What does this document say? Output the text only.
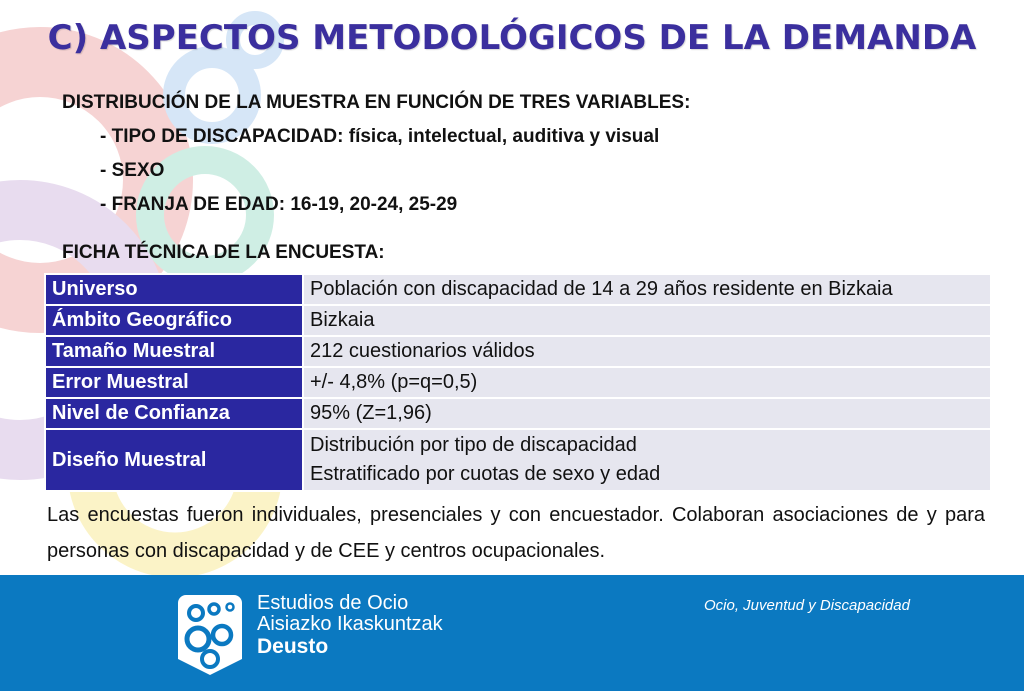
C) ASPECTOS METODOLÓGICOS DE LA DEMANDA
DISTRIBUCIÓN DE LA MUESTRA EN FUNCIÓN DE TRES VARIABLES:
- TIPO DE DISCAPACIDAD: física, intelectual, auditiva y visual
- SEXO
- FRANJA DE EDAD: 16-19, 20-24, 25-29
FICHA TÉCNICA DE LA ENCUESTA:
Universo	Población con discapacidad de 14 a 29 años residente en Bizkaia
Ámbito Geográfico	Bizkaia
Tamaño Muestral	212 cuestionarios válidos
Error Muestral	+/- 4,8% (p=q=0,5)
Nivel de Confianza	95% (Z=1,96)
Diseño Muestral	Distribución por tipo de discapacidad
Estratificado por cuotas de sexo y edad
Las encuestas fueron individuales, presenciales y con encuestador. Colaboran asociaciones de y para personas con discapacidad y de CEE y centros ocupacionales.
Estudios de Ocio
Aisiazko Ikaskuntzak
Deusto
Ocio, Juventud y Discapacidad
